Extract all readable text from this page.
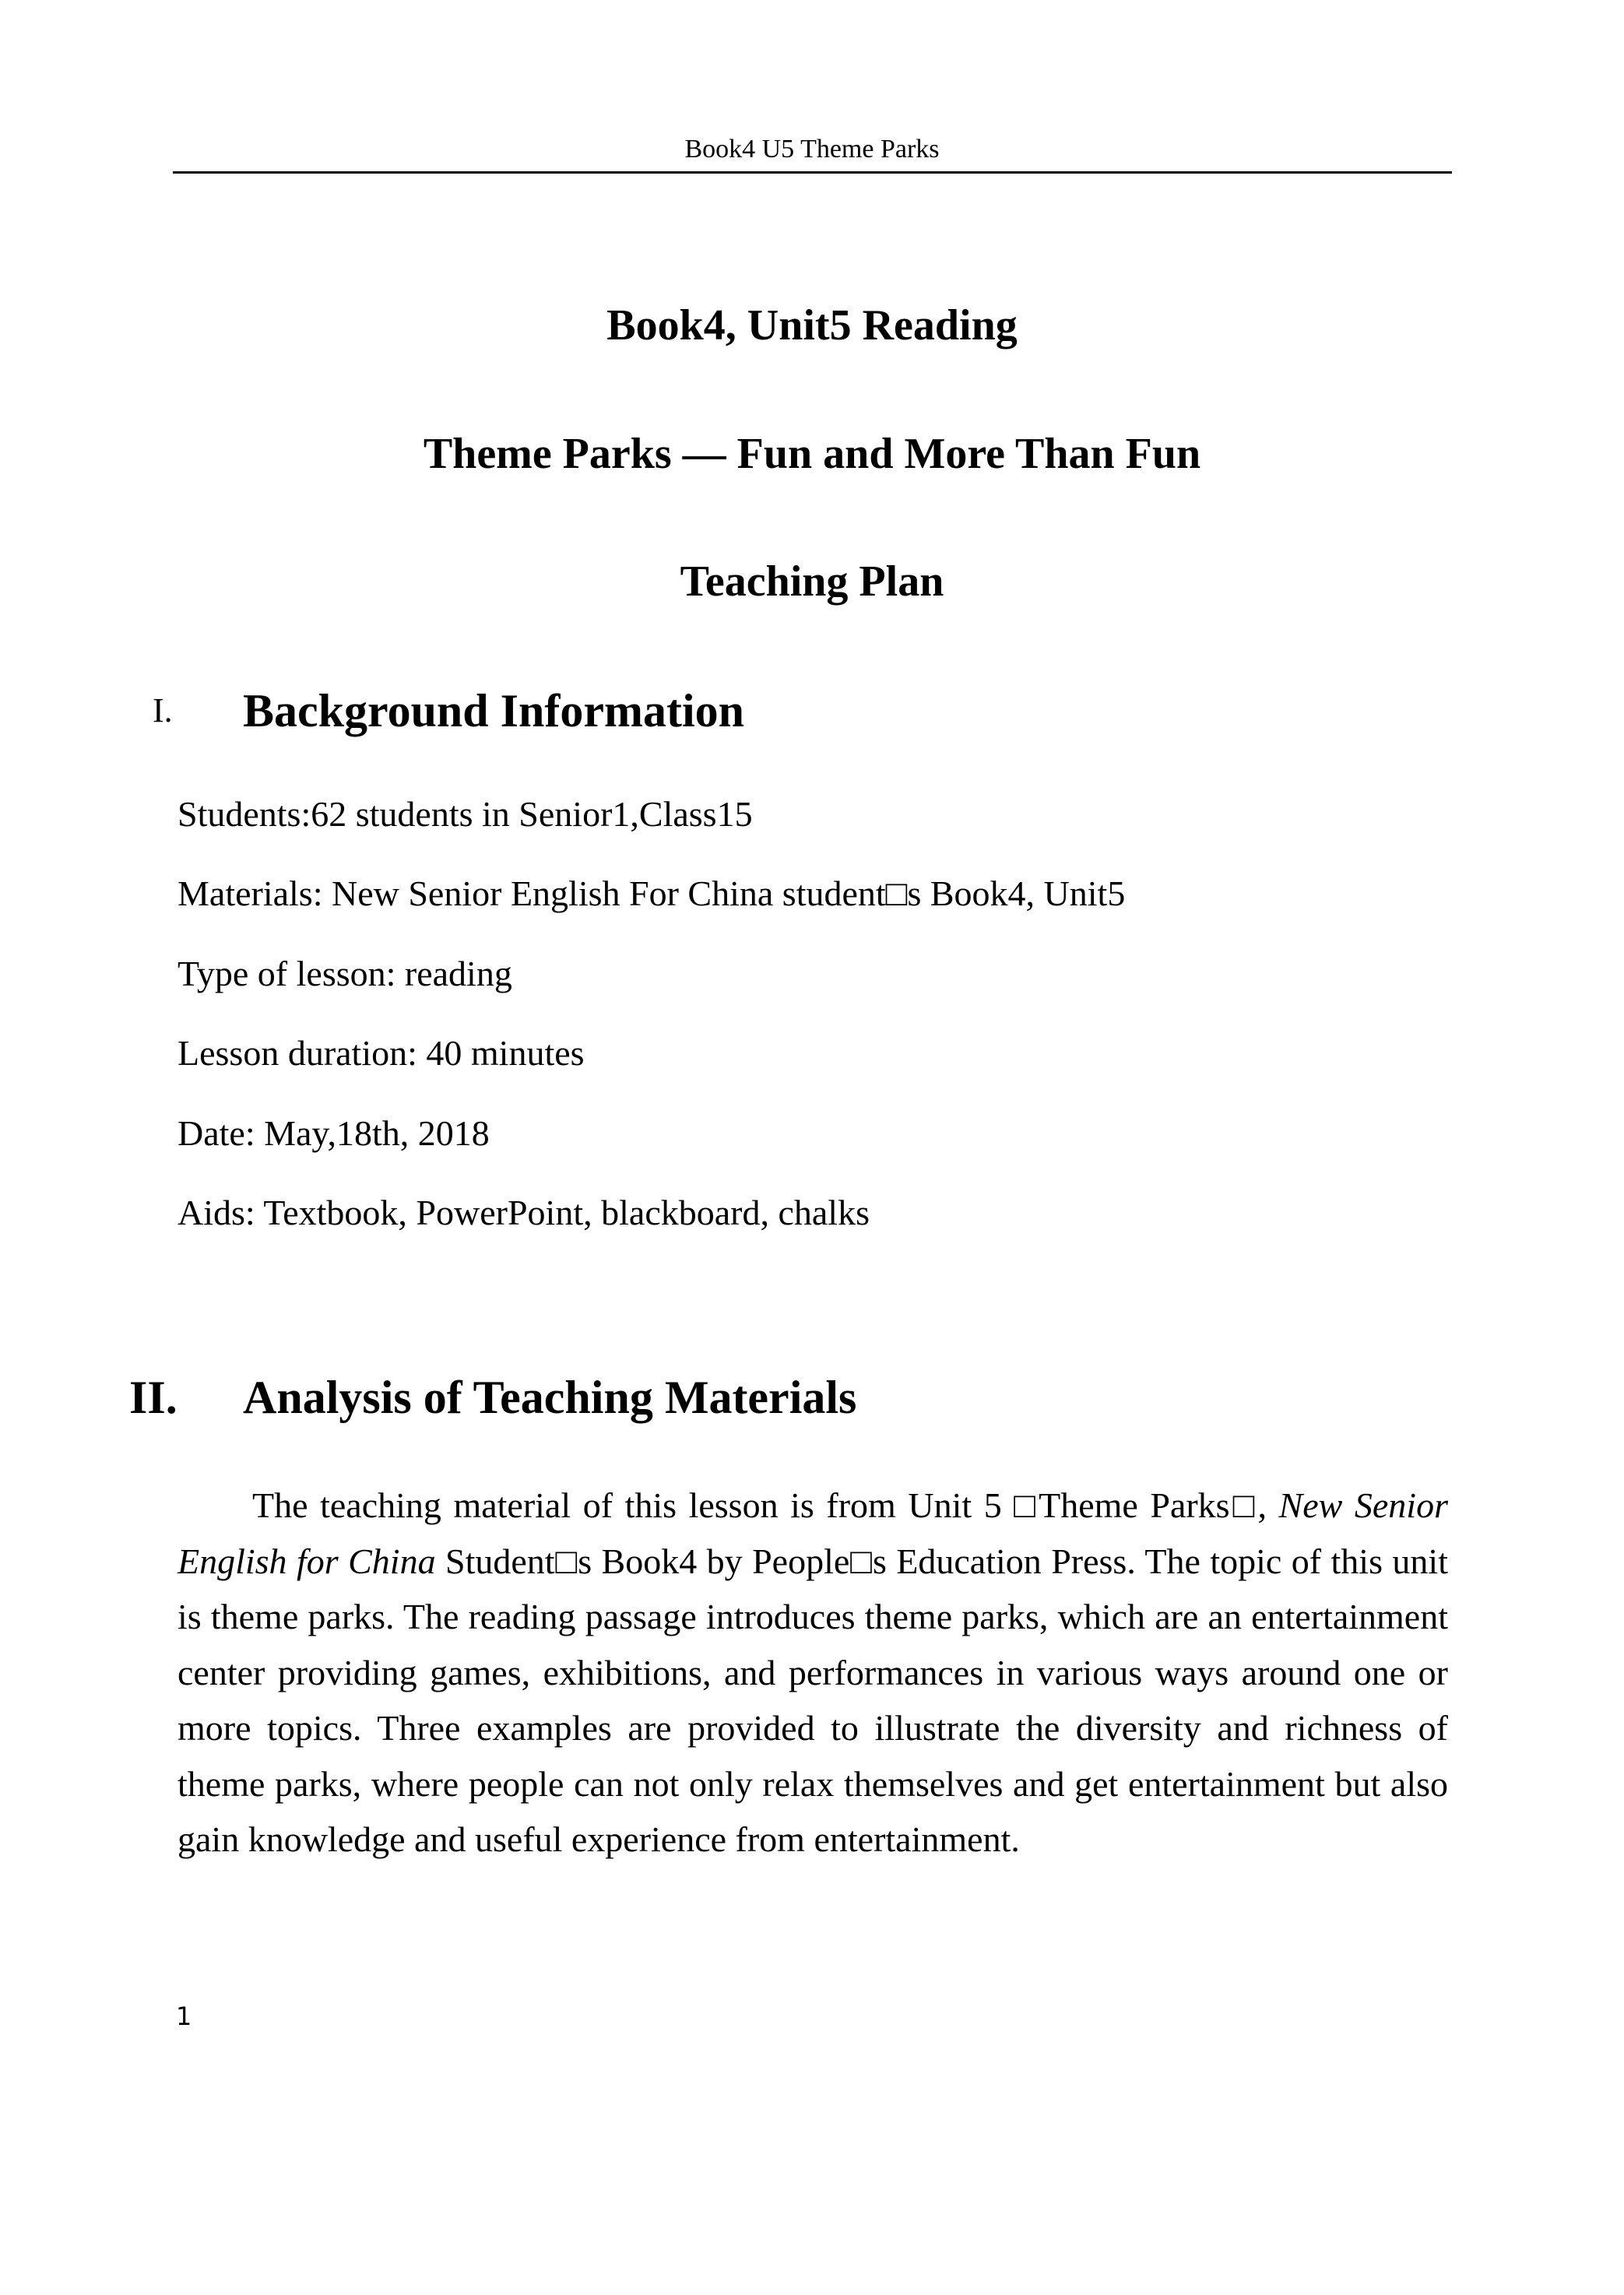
Book4 U5 Theme Parks
Book4, Unit5 Reading
Theme Parks — Fun and More Than Fun
Teaching Plan
I. Background Information
Students:62 students in Senior1,Class15
Materials: New Senior English For China student□s Book4, Unit5
Type of lesson: reading
Lesson duration: 40 minutes
Date: May,18th, 2018
Aids: Textbook, PowerPoint, blackboard, chalks
II. Analysis of Teaching Materials
The teaching material of this lesson is from Unit 5 □Theme Parks□, New Senior English for China Student□s Book4 by People□s Education Press. The topic of this unit is theme parks. The reading passage introduces theme parks, which are an entertainment center providing games, exhibitions, and performances in various ways around one or more topics. Three examples are provided to illustrate the diversity and richness of theme parks, where people can not only relax themselves and get entertainment but also gain knowledge and useful experience from entertainment.
1
